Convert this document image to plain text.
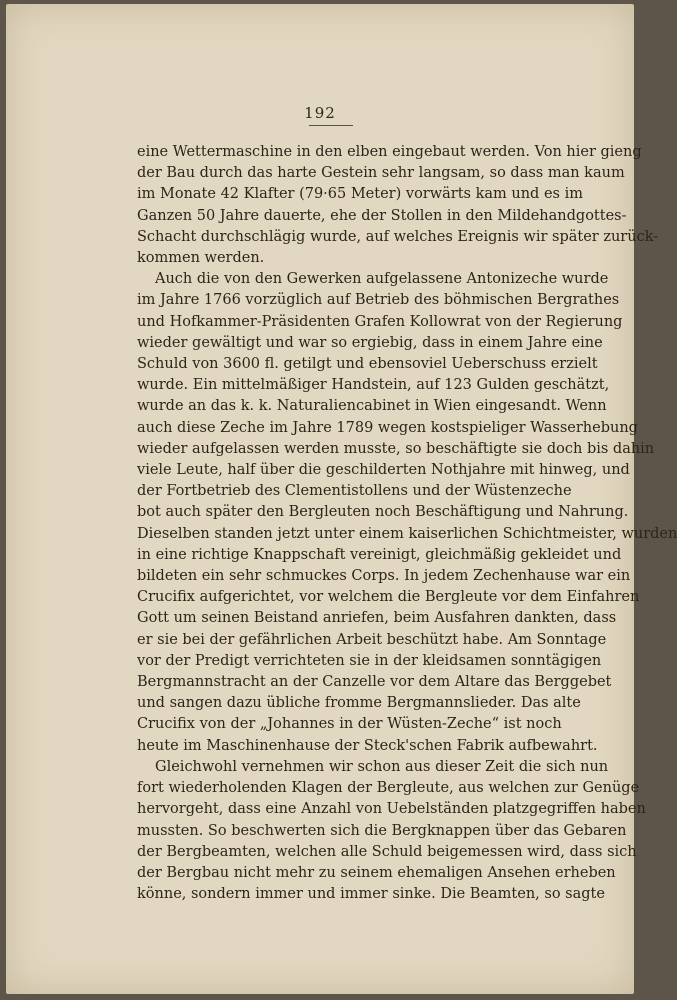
192
eine Wettermaschine in den elben eingebaut werden. Von hier gieng
der Bau durch das harte Gestein sehr langsam, so dass man kaum
im Monate 42 Klafter (79·65 Meter) vorwärts kam und es im
Ganzen 50 Jahre dauerte, ehe der Stollen in den Mildehandgottes-
Schacht durchschlägig wurde, auf welches Ereignis wir später zurück-
kommen werden.
Auch die von den Gewerken aufgelassene Antonizeche wurde
im Jahre 1766 vorzüglich auf Betrieb des böhmischen Bergrathes
und Hofkammer-Präsidenten Grafen Kollowrat von der Regierung
wieder gewältigt und war so ergiebig, dass in einem Jahre eine
Schuld von 3600 fl. getilgt und ebensoviel Ueberschuss erzielt
wurde. Ein mittelmäßiger Handstein, auf 123 Gulden geschätzt,
wurde an das k. k. Naturaliencabinet in Wien eingesandt. Wenn
auch diese Zeche im Jahre 1789 wegen kostspieliger Wasserhebung
wieder aufgelassen werden musste, so beschäftigte sie doch bis dahin
viele Leute, half über die geschilderten Nothjahre mit hinweg, und
der Fortbetrieb des Clementistollens und der Wüstenzeche
bot auch später den Bergleuten noch Beschäftigung und Nahrung.
Dieselben standen jetzt unter einem kaiserlichen Schichtmeister, wurden
in eine richtige Knappschaft vereinigt, gleichmäßig gekleidet und
bildeten ein sehr schmuckes Corps. In jedem Zechenhause war ein
Crucifix aufgerichtet, vor welchem die Bergleute vor dem Einfahren
Gott um seinen Beistand anriefen, beim Ausfahren dankten, dass
er sie bei der gefährlichen Arbeit beschützt habe. Am Sonntage
vor der Predigt verrichteten sie in der kleidsamen sonntägigen
Bergmannstracht an der Canzelle vor dem Altare das Berggebet
und sangen dazu übliche fromme Bergmannslieder. Das alte
Crucifix von der „Johannes in der Wüsten-Zeche“ ist noch
heute im Maschinenhause der Steck'schen Fabrik aufbewahrt.
Gleichwohl vernehmen wir schon aus dieser Zeit die sich nun
fort wiederholenden Klagen der Bergleute, aus welchen zur Genüge
hervorgeht, dass eine Anzahl von Uebelständen platzgegriffen haben
mussten. So beschwerten sich die Bergknappen über das Gebaren
der Bergbeamten, welchen alle Schuld beigemessen wird, dass sich
der Bergbau nicht mehr zu seinem ehemaligen Ansehen erheben
könne, sondern immer und immer sinke. Die Beamten, so sagte
